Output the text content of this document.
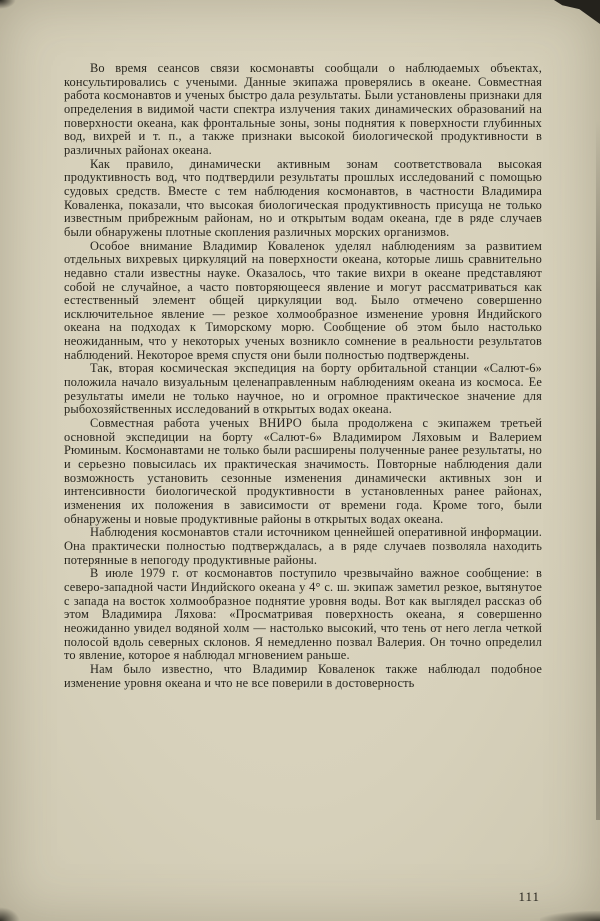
Во время сеансов связи космонавты сообщали о наблюдаемых объектах, консультировались с учеными. Данные экипажа проверялись в океане. Совместная работа космонавтов и ученых быстро дала результаты. Были установлены признаки для определения в видимой части спектра излучения таких динамических образований на поверхности океана, как фронтальные зоны, зоны поднятия к поверхности глубинных вод, вихрей и т. п., а также признаки высокой биологической продуктивности в различных районах океана.

Как правило, динамически активным зонам соответствовала высокая продуктивность вод, что подтвердили результаты прошлых исследований с помощью судовых средств. Вместе с тем наблюдения космонавтов, в частности Владимира Коваленка, показали, что высокая биологическая продуктивность присуща не только известным прибрежным районам, но и открытым водам океана, где в ряде случаев были обнаружены плотные скопления различных морских организмов.

Особое внимание Владимир Коваленок уделял наблюдениям за развитием отдельных вихревых циркуляций на поверхности океана, которые лишь сравнительно недавно стали известны науке. Оказалось, что такие вихри в океане представляют собой не случайное, а часто повторяющееся явление и могут рассматриваться как естественный элемент общей циркуляции вод. Было отмечено совершенно исключительное явление — резкое холмообразное изменение уровня Индийского океана на подходах к Тиморскому морю. Сообщение об этом было настолько неожиданным, что у некоторых ученых возникло сомнение в реальности результатов наблюдений. Некоторое время спустя они были полностью подтверждены.

Так, вторая космическая экспедиция на борту орбитальной станции «Салют-6» положила начало визуальным целенаправленным наблюдениям океана из космоса. Ее результаты имели не только научное, но и огромное практическое значение для рыбохозяйственных исследований в открытых водах океана.

Совместная работа ученых ВНИРО была продолжена с экипажем третьей основной экспедиции на борту «Салют-6» Владимиром Ляховым и Валерием Рюминым. Космонавтами не только были расширены полученные ранее результаты, но и серьезно повысилась их практическая значимость. Повторные наблюдения дали возможность установить сезонные изменения динамически активных зон и интенсивности биологической продуктивности в установленных ранее районах, изменения их положения в зависимости от времени года. Кроме того, были обнаружены и новые продуктивные районы в открытых водах океана.

Наблюдения космонавтов стали источником ценнейшей оперативной информации. Она практически полностью подтверждалась, а в ряде случаев позволяла находить потерянные в непогоду продуктивные районы.

В июле 1979 г. от космонавтов поступило чрезвычайно важное сообщение: в северо-западной части Индийского океана у 4° с. ш. экипаж заметил резкое, вытянутое с запада на восток холмообразное поднятие уровня воды. Вот как выглядел рассказ об этом Владимира Ляхова: «Просматривая поверхность океана, я совершенно неожиданно увидел водяной холм — настолько высокий, что тень от него легла четкой полосой вдоль северных склонов. Я немедленно позвал Валерия. Он точно определил то явление, которое я наблюдал мгновением раньше.

Нам было известно, что Владимир Коваленок также наблюдал подобное изменение уровня океана и что не все поверили в достоверность

111
